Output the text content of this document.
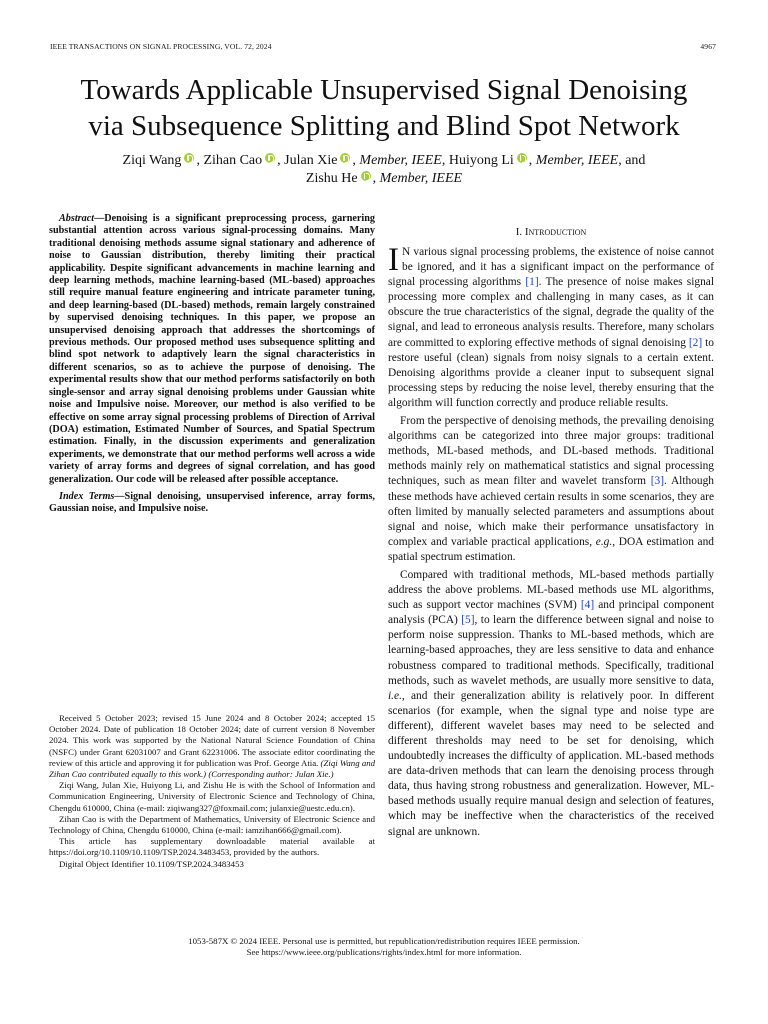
IEEE TRANSACTIONS ON SIGNAL PROCESSING, VOL. 72, 2024	4967
Towards Applicable Unsupervised Signal Denoising
via Subsequence Splitting and Blind Spot Network
Ziqi Wang , Zihan Cao , Julan Xie , Member, IEEE, Huiyong Li , Member, IEEE, and
Zishu He , Member, IEEE

Abstract—Denoising is a significant preprocessing process, garnering substantial attention across various signal-processing domains. Many traditional denoising methods assume signal stationary and adherence of noise to Gaussian distribution, thereby limiting their practical applicability. Despite significant advancements in machine learning and deep learning methods, machine learning-based (ML-based) approaches still require manual feature engineering and intricate parameter tuning, and deep learning-based (DL-based) methods, remain largely constrained by supervised denoising techniques. In this paper, we propose an unsupervised denoising approach that addresses the shortcomings of previous methods. Our proposed method uses subsequence splitting and blind spot network to adaptively learn the signal characteristics in different scenarios, so as to achieve the purpose of denoising. The experimental results show that our method performs satisfactorily on both single-sensor and array signal denoising problems under Gaussian white noise and Impulsive noise. Moreover, our method is also verified to be effective on some array signal processing problems of Direction of Arrival (DOA) estimation, Estimated Number of Sources, and Spatial Spectrum estimation. Finally, in the discussion experiments and generalization experiments, we demonstrate that our method performs well across a wide variety of array forms and degrees of signal correlation, and has good generalization. Our code will be released after possible acceptance.

Index Terms—Signal denoising, unsupervised inference, array forms, Gaussian noise, and Impulsive noise.

Received 5 October 2023; revised 15 June 2024 and 8 October 2024; accepted 15 October 2024. Date of publication 18 October 2024; date of current version 8 November 2024. This work was supported by the National Natural Science Foundation of China (NSFC) under Grant 62031007 and Grant 62231006. The associate editor coordinating the review of this article and approving it for publication was Prof. George Atia. (Ziqi Wang and Zihan Cao contributed equally to this work.) (Corresponding author: Julan Xie.)

Ziqi Wang, Julan Xie, Huiyong Li, and Zishu He is with the School of Information and Communication Engineering, University of Electronic Science and Technology of China, Chengdu 610000, China (e-mail: ziqiwang327@foxmail.com; julanxie@uestc.edu.cn).

Zihan Cao is with the Department of Mathematics, University of Electronic Science and Technology of China, Chengdu 610000, China (e-mail: iamzihan666@gmail.com).

This article has supplementary downloadable material available at https://doi.org/10.1109/10.1109/TSP.2024.3483453, provided by the authors.

Digital Object Identifier 10.1109/TSP.2024.3483453

I. Introduction

I N various signal processing problems, the existence of noise cannot be ignored, and it has a significant impact on the performance of signal processing algorithms [1]. The presence of noise makes signal processing more complex and challenging in many cases, as it can obscure the true characteristics of the signal, degrade the quality of the signal, and lead to erroneous analysis results. Therefore, many scholars are committed to exploring effective methods of signal denoising [2] to restore useful (clean) signals from noisy signals to a certain extent. Denoising algorithms provide a cleaner input to subsequent signal processing steps by reducing the noise level, thereby ensuring that the algorithm will function correctly and produce reliable results.

From the perspective of denoising methods, the prevailing denoising algorithms can be categorized into three major groups: traditional methods, ML-based methods, and DL-based methods. Traditional methods mainly rely on mathematical statistics and signal processing techniques, such as mean filter and wavelet transform [3]. Although these methods have achieved certain results in some scenarios, they are often limited by manually selected parameters and assumptions about signal and noise, which make their performance unsatisfactory in complex and variable practical applications, e.g., DOA estimation and spatial spectrum estimation.

Compared with traditional methods, ML-based methods partially address the above problems. ML-based methods use ML algorithms, such as support vector machines (SVM) [4] and principal component analysis (PCA) [5], to learn the difference between signal and noise to perform noise suppression. Thanks to ML-based methods, which are learning-based approaches, they are less sensitive to data and enhance robustness compared to traditional methods. Specifically, traditional methods, such as wavelet methods, are usually more sensitive to data, i.e., and their generalization ability is relatively poor. In different scenarios (for example, when the signal type and noise type are different), different wavelet bases may need to be selected and different thresholds may need to be set for denoising, which undoubtedly increases the difficulty of application. ML-based methods are data-driven methods that can learn the denoising process through data, thus having strong robustness and generalization. However, ML-based methods usually require manual design and selection of features, which may be ineffective when the characteristics of the received signal are unknown.

1053-587X © 2024 IEEE. Personal use is permitted, but republication/redistribution requires IEEE permission.
See https://www.ieee.org/publications/rights/index.html for more information.
